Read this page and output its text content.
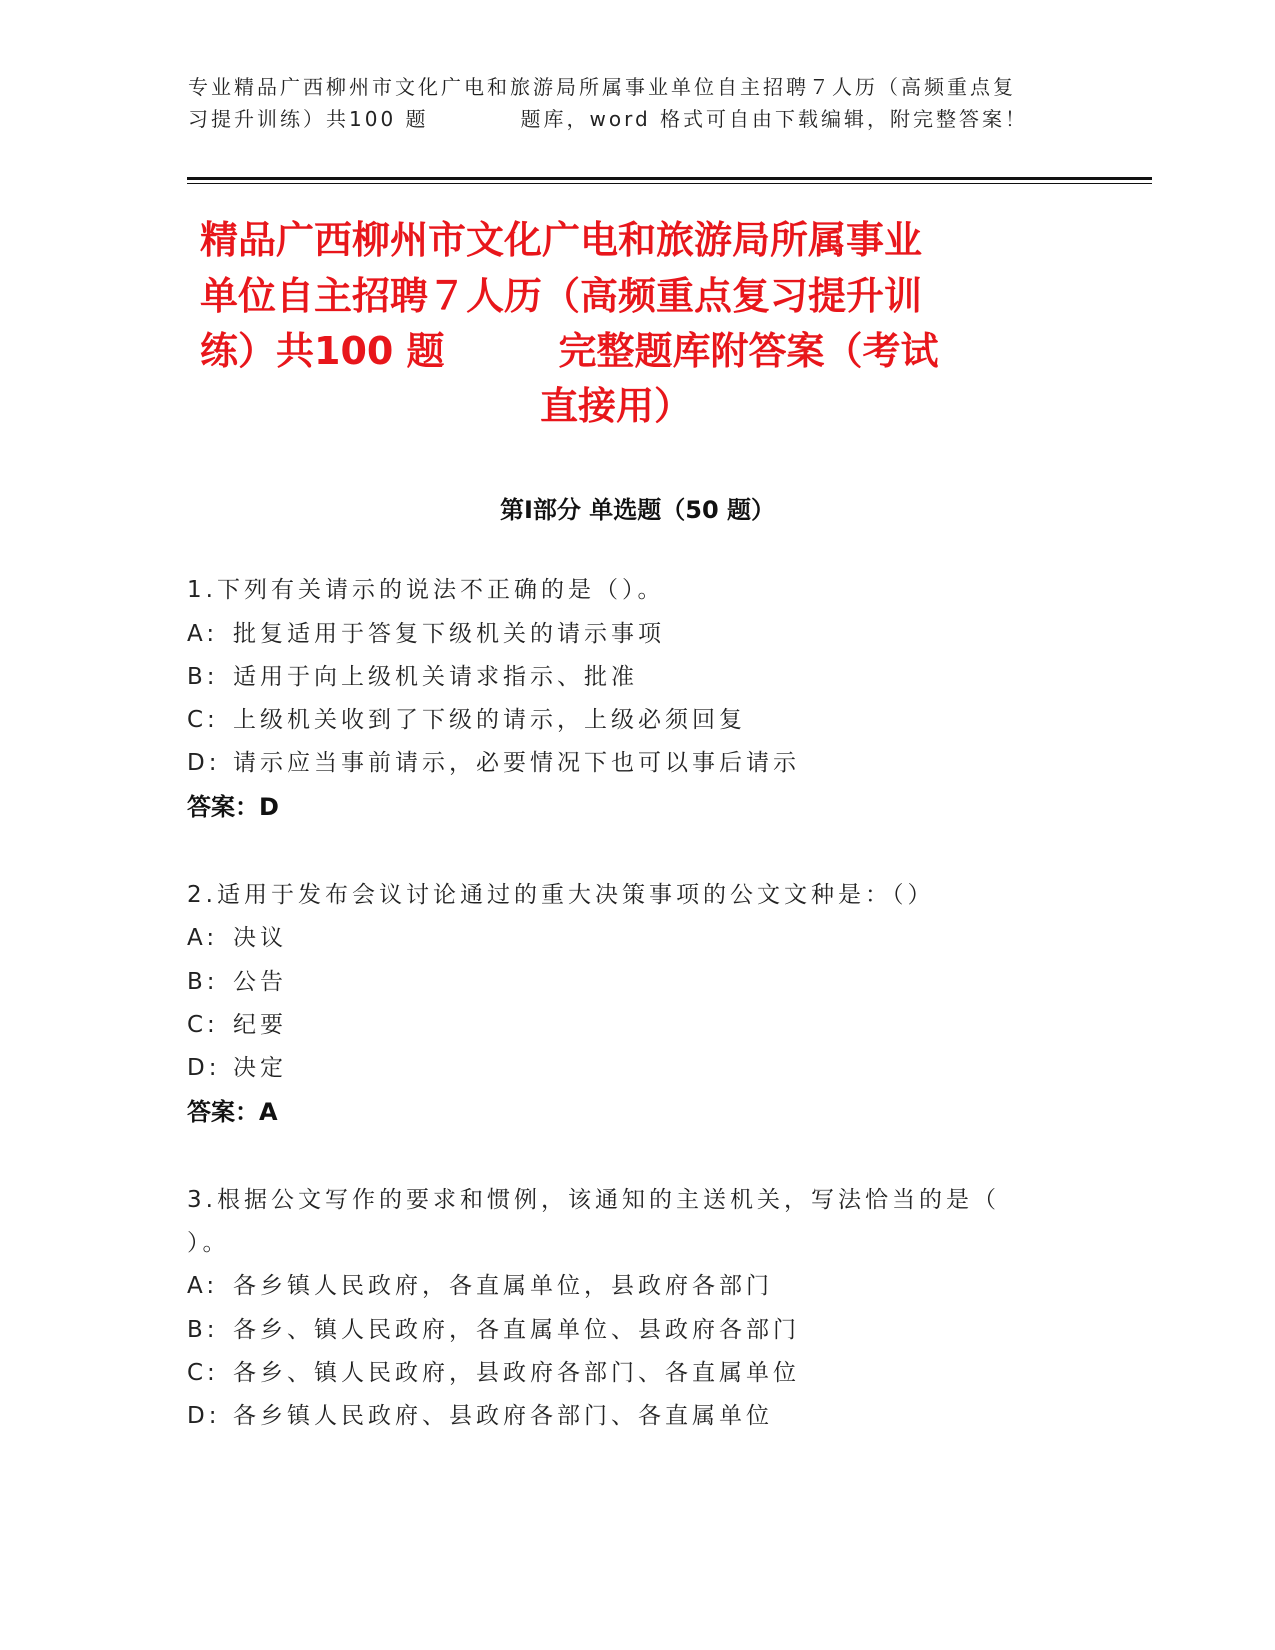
专业精品广西柳州市文化广电和旅游局所属事业单位自主招聘７人历（高频重点复
习提升训练）共100 题　　　　题库，word 格式可自由下载编辑，附完整答案！
精品广西柳州市文化广电和旅游局所属事业
单位自主招聘７人历（高频重点复习提升训
练）共100 题　　　完整题库附答案（考试
直接用）
第Ⅰ部分 单选题（50 题）
1.下列有关请示的说法不正确的是（）。
A: 批复适用于答复下级机关的请示事项
B: 适用于向上级机关请求指示、批准
C: 上级机关收到了下级的请示，上级必须回复
D: 请示应当事前请示，必要情况下也可以事后请示
答案：D
2.适用于发布会议讨论通过的重大决策事项的公文文种是：（）
A: 决议
B: 公告
C: 纪要
D: 决定
答案：A
3.根据公文写作的要求和惯例，该通知的主送机关，写法恰当的是（
）。
A: 各乡镇人民政府，各直属单位，县政府各部门
B: 各乡、镇人民政府，各直属单位、县政府各部门
C: 各乡、镇人民政府，县政府各部门、各直属单位
D: 各乡镇人民政府、县政府各部门、各直属单位
